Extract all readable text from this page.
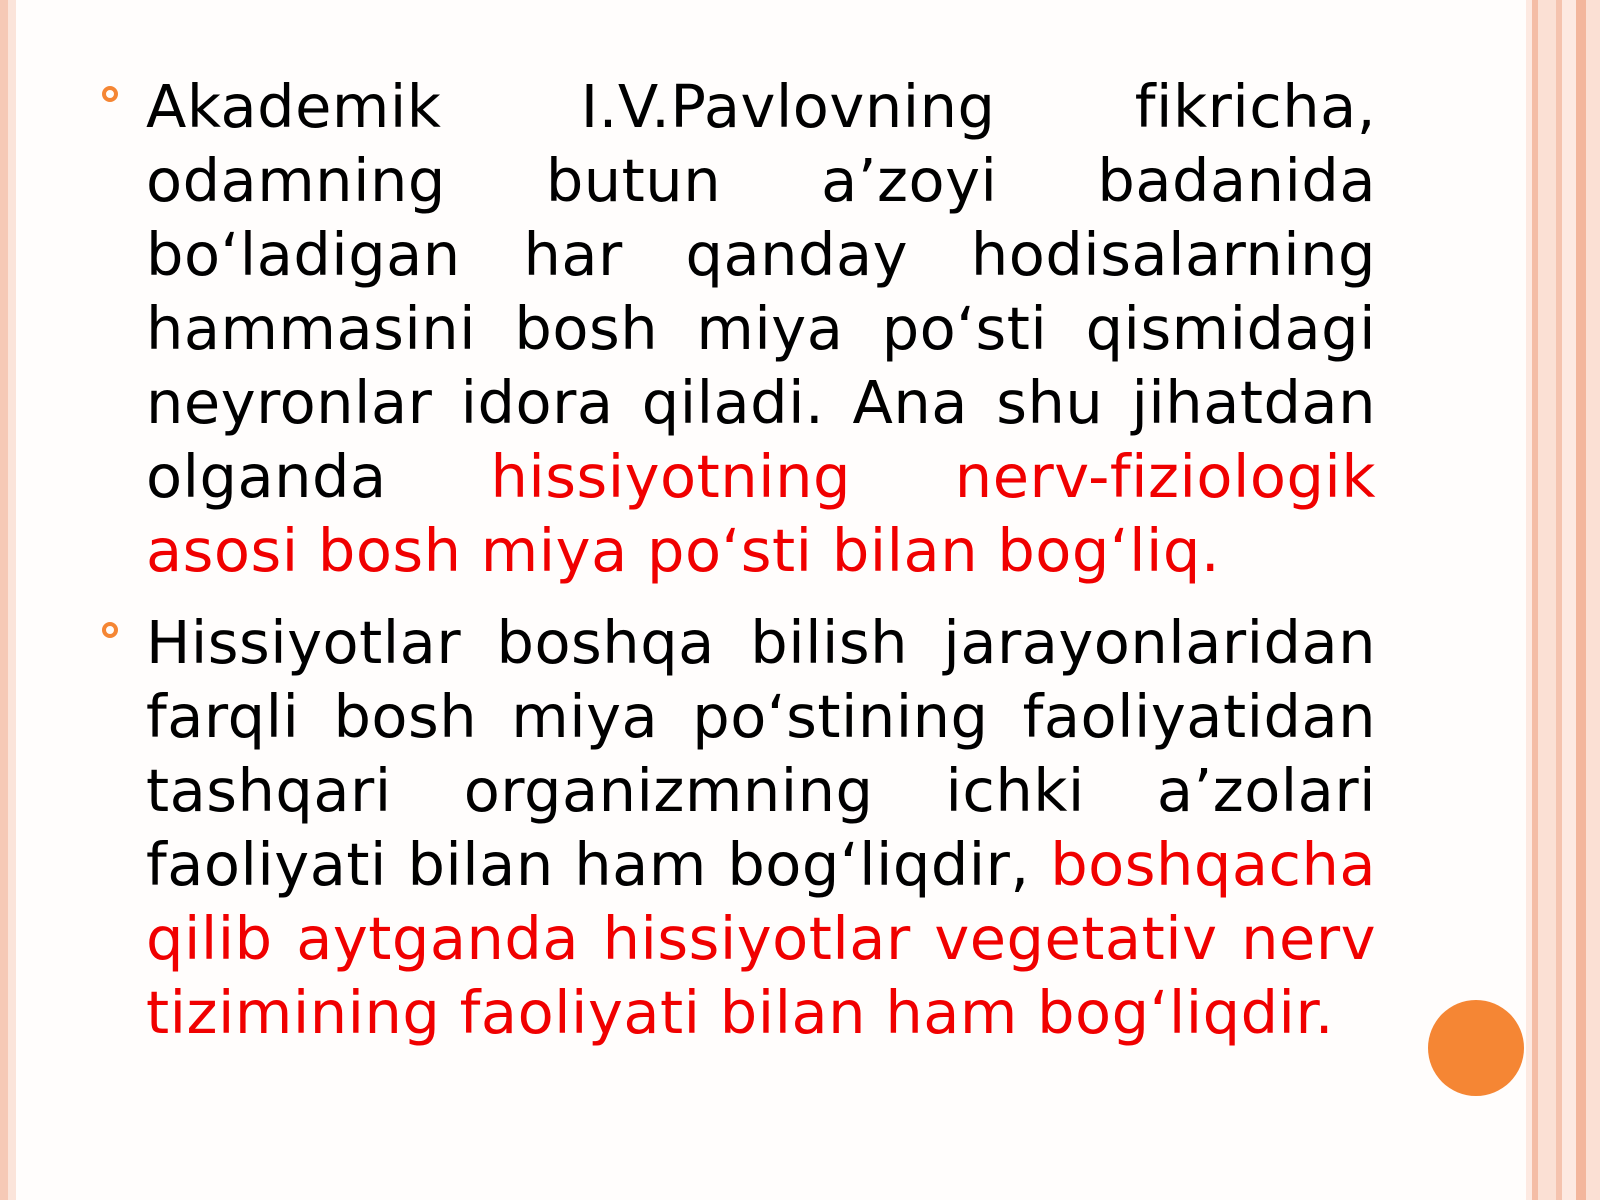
Akademik I.V.Pavlovning fikricha, odamning butun a’zoyi badanida bo‘ladigan har qanday hodisalarning hammasini bosh miya po‘sti qismidagi neyronlar idora qiladi. Ana shu jihatdan olganda hissiyotning nerv-fiziologik asosi bosh miya po‘sti bilan bog‘liq.

Hissiyotlar boshqa bilish jarayonlaridan farqli bosh miya po‘stining faoliyatidan tashqari organizmning ichki a’zolari faoliyati bilan ham bog‘liqdir, boshqacha qilib aytganda hissiyotlar vegetativ nerv tizimining faoliyati bilan ham bog‘liqdir.
